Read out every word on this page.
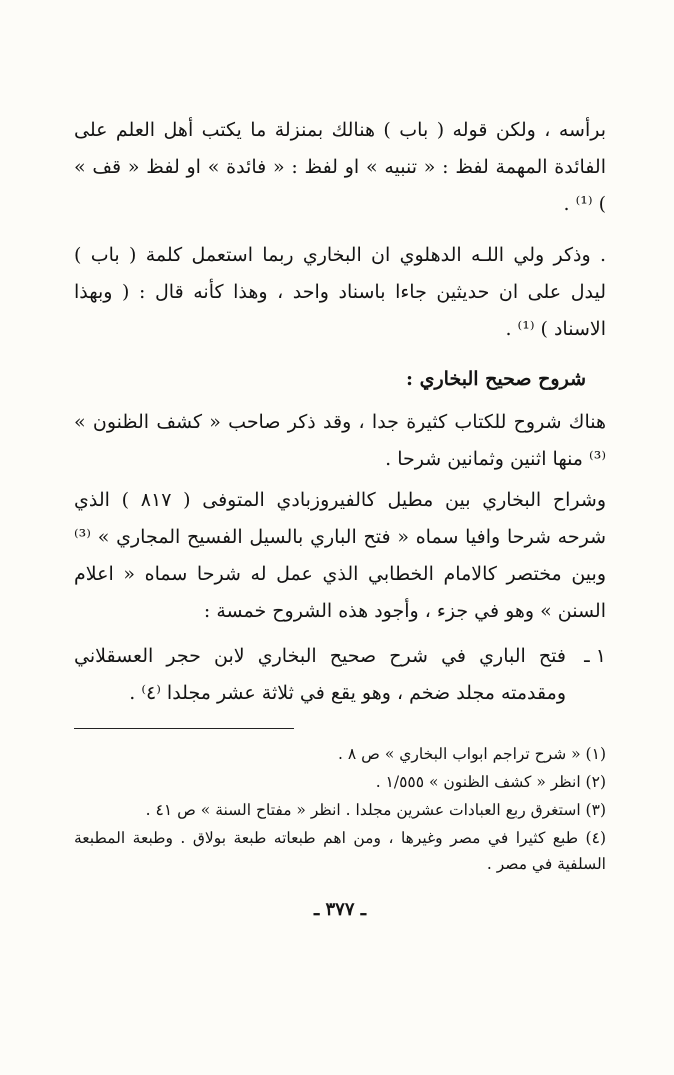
برأسه ، ولكن قوله ( باب ) هنالك بمنزلة ما يكتب أهل العلم على الفائدة المهمة لفظ : « تنبيه » او لفظ : « فائدة » او لفظ « قف » ) ⁽¹⁾ .

. وذكر ولي اللـه الدهلوي ان البخاري ربما استعمل كلمة ( باب ) ليدل على ان حديثين جاءا باسناد واحد ، وهذا كأنه قال : ( وبهذا الاسناد ) ⁽¹⁾ .

شروح صحيح البخاري :

هناك شروح للكتاب كثيرة جدا ، وقد ذكر صاحب « كشف الظنون » ⁽³⁾ منها اثنين وثمانين شرحا .

وشراح البخاري بين مطيل كالفيروزبادي المتوفى ( ٨١٧ ) الذي شرحه شرحا وافيا سماه « فتح الباري بالسيل الفسيح المجاري » ⁽³⁾ وبين مختصر كالامام الخطابي الذي عمل له شرحا سماه « اعلام السنن » وهو في جزء ، وأجود هذه الشروح خمسة :

١ ـ
فتح الباري في شرح صحيح البخاري لابن حجر العسقلاني ومقدمته مجلد ضخم ، وهو يقع في ثلاثة عشر مجلدا ⁽٤⁾ .

(١) « شرح تراجم ابواب البخاري » ص ٨ .

(٢) انظر « كشف الظنون » ١/٥٥٥ .

(٣) استغرق ربع العبادات عشرين مجلدا . انظر « مفتاح السنة » ص ٤١ .

(٤) طبع كثيرا في مصر وغيرها ، ومن اهم طبعاته طبعة بولاق . وطبعة المطبعة السلفية في مصر .

ـ ٣٧٧ ـ
